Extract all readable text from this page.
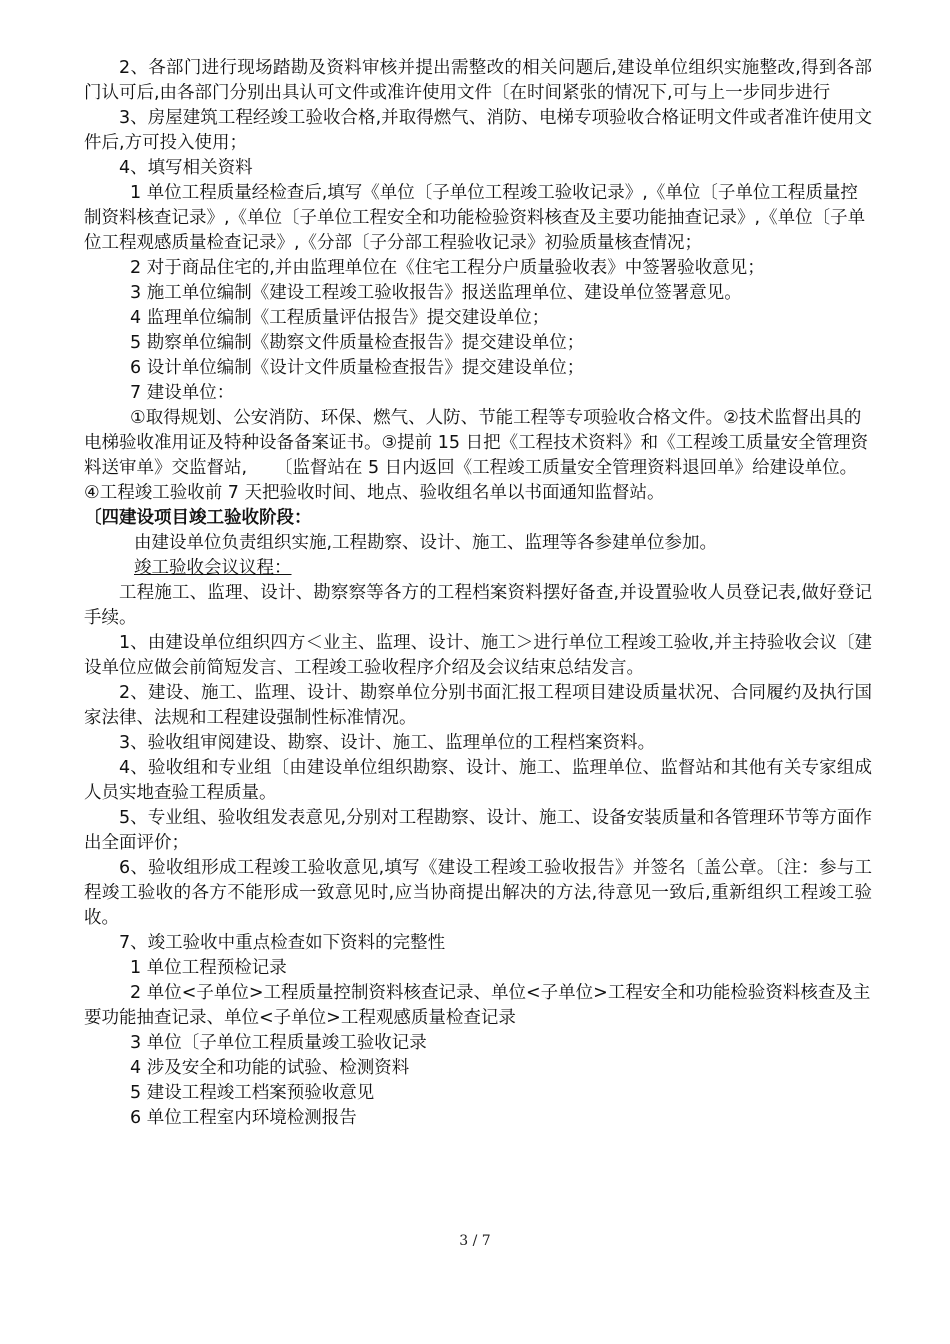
2、各部门进行现场踏勘及资料审核并提出需整改的相关问题后,建设单位组织实施整改,得到各部门认可后,由各部门分别出具认可文件或准许使用文件〔在时间紧张的情况下,可与上一步同步进行

3、房屋建筑工程经竣工验收合格,并取得燃气、消防、电梯专项验收合格证明文件或者准许使用文件后,方可投入使用；

4、填写相关资料

1 单位工程质量经检查后,填写《单位〔子单位工程竣工验收记录》,《单位〔子单位工程质量控制资料核查记录》,《单位〔子单位工程安全和功能检验资料核查及主要功能抽查记录》,《单位〔子单位工程观感质量检查记录》,《分部〔子分部工程验收记录》初验质量核查情况；

2 对于商品住宅的,并由监理单位在《住宅工程分户质量验收表》中签署验收意见；

3 施工单位编制《建设工程竣工验收报告》报送监理单位、建设单位签署意见。

4 监理单位编制《工程质量评估报告》提交建设单位；

5 勘察单位编制《勘察文件质量检查报告》提交建设单位；

6 设计单位编制《设计文件质量检查报告》提交建设单位；

7 建设单位：

①取得规划、公安消防、环保、燃气、人防、节能工程等专项验收合格文件。②技术监督出具的电梯验收准用证及特种设备备案证书。③提前 15 日把《工程技术资料》和《工程竣工质量安全管理资料送审单》交监督站,     〔监督站在 5 日内返回《工程竣工质量安全管理资料退回单》给建设单位。④工程竣工验收前 7 天把验收时间、地点、验收组名单以书面通知监督站。

〔四建设项目竣工验收阶段：

由建设单位负责组织实施,工程勘察、设计、施工、监理等各参建单位参加。

竣工验收会议议程：

工程施工、监理、设计、勘察察等各方的工程档案资料摆好备查,并设置验收人员登记表,做好登记手续。

1、由建设单位组织四方＜业主、监理、设计、施工＞进行单位工程竣工验收,并主持验收会议〔建设单位应做会前简短发言、工程竣工验收程序介绍及会议结束总结发言。

2、建设、施工、监理、设计、勘察单位分别书面汇报工程项目建设质量状况、合同履约及执行国家法律、法规和工程建设强制性标准情况。

3、验收组审阅建设、勘察、设计、施工、监理单位的工程档案资料。

4、验收组和专业组〔由建设单位组织勘察、设计、施工、监理单位、监督站和其他有关专家组成人员实地查验工程质量。

5、专业组、验收组发表意见,分别对工程勘察、设计、施工、设备安装质量和各管理环节等方面作出全面评价；

6、验收组形成工程竣工验收意见,填写《建设工程竣工验收报告》并签名〔盖公章。〔注：参与工程竣工验收的各方不能形成一致意见时,应当协商提出解决的方法,待意见一致后,重新组织工程竣工验收。

7、竣工验收中重点检查如下资料的完整性

1 单位工程预检记录

2 单位<子单位>工程质量控制资料核查记录、单位<子单位>工程安全和功能检验资料核查及主要功能抽查记录、单位<子单位>工程观感质量检查记录

3 单位〔子单位工程质量竣工验收记录

4 涉及安全和功能的试验、检测资料

5 建设工程竣工档案预验收意见

6 单位工程室内环境检测报告

3 / 7
